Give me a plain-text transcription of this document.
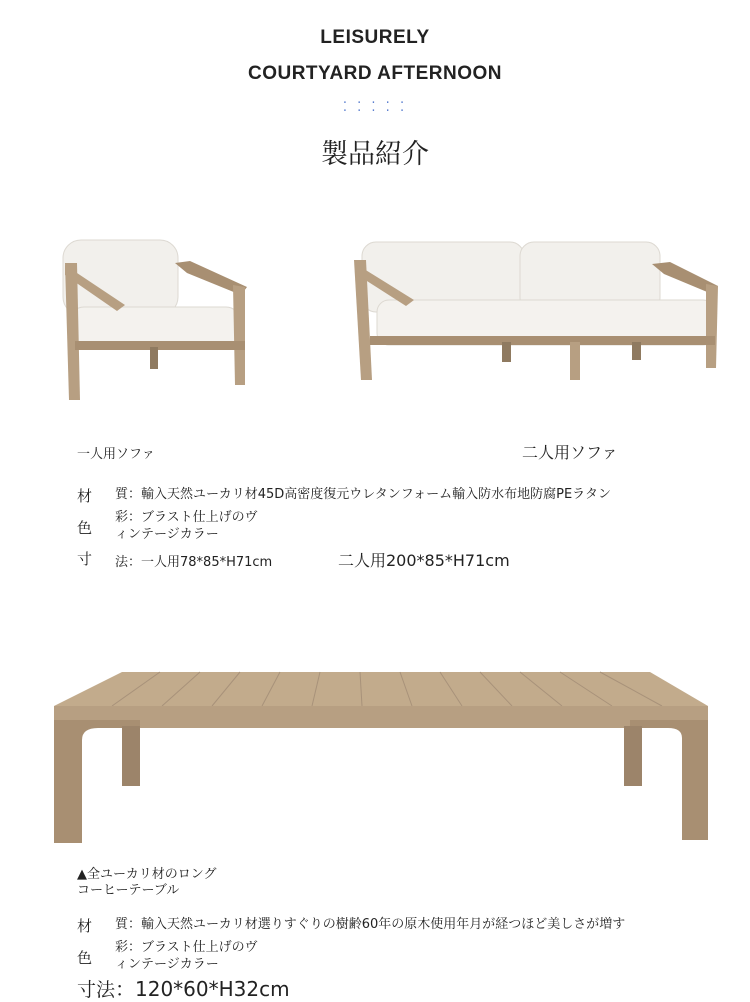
LEISURELY
COURTYARD AFTERNOON
· · · · ·
· · · · ·
製品紹介
一人用ソファ	二人用ソファ
材 質：輸入天然ユーカリ材45D高密度復元ウレタンフォーム輸入防水布地防腐PEラタン
色
彩：ブラスト仕上げのヴ
ィンテージカラー
寸 法：一人用78*85*H71cm	二人用200*85*H71cm
▲全ユーカリ材のロング
コーヒーテーブル
材 質：輸入天然ユーカリ材選りすぐりの樹齢60年の原木使用年月が経つほど美しさが増す
色
彩：ブラスト仕上げのヴ
ィンテージカラー
寸法 ：120*60*H32cm
